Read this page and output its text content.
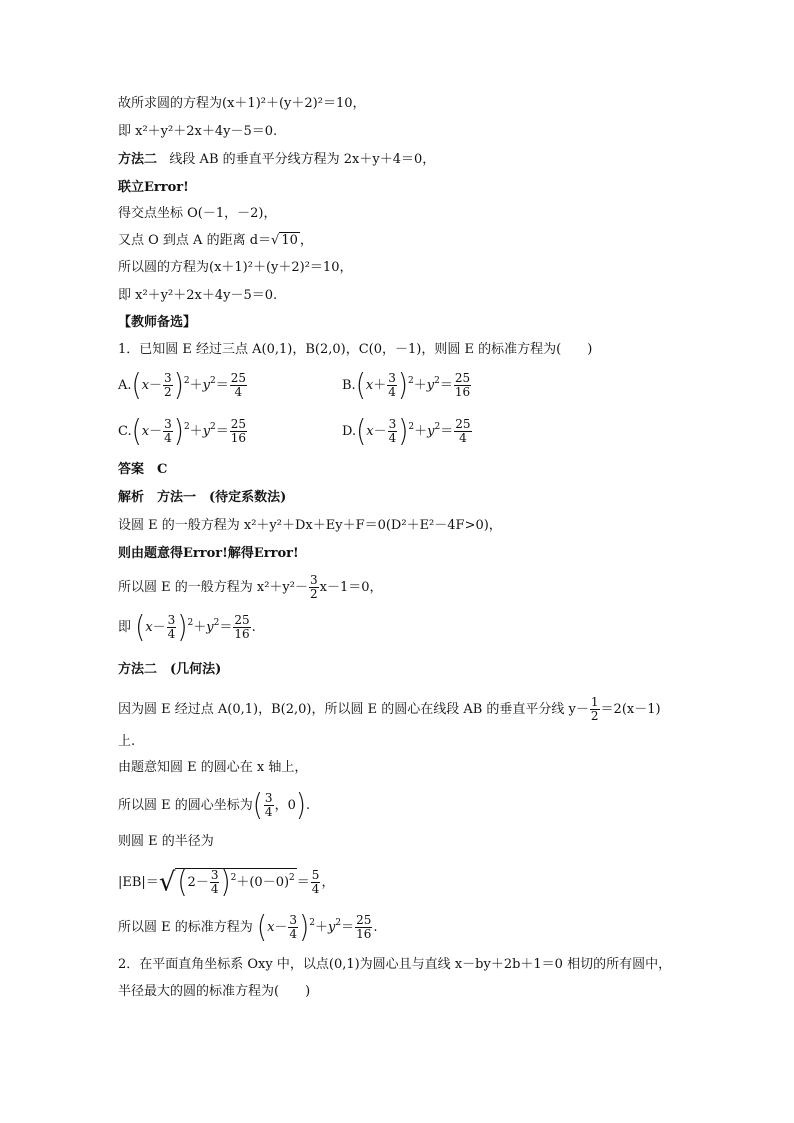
故所求圆的方程为(x＋1)²＋(y＋2)²＝10，
即 x²＋y²＋2x＋4y－5＝0.
方法二 线段 AB 的垂直平分线方程为 2x＋y＋4＝0，
联立Error!
得交点坐标 O(－1，－2)，
又点 O 到点 A 的距离 d＝√ 10 ，
所以圆的方程为(x＋1)²＋(y＋2)²＝10，
即 x²＋y²＋2x＋4y－5＝0.
【教师备选】
1．已知圆 E 经过三点 A(0,1)，B(2,0)，C(0，－1)，则圆 E 的标准方程为(　　)
$A.(x- \frac{3}{2} )^2+y^2= \frac{25}{4}$	$B.(x+ \frac{3}{4} )^2+y^2= \frac{25}{16}$
$C.(x- \frac{3}{4} )^2+y^2= \frac{25}{16}$	$D.(x- \frac{3}{4} )^2+y^2= \frac{25}{4}$
答案　C
解析　方法一　(待定系数法)
设圆 E 的一般方程为 x²＋y²＋Dx＋Ey＋F＝0(D²＋E²－4F>0)，
则由题意得Error!解得Error!
所以圆 E 的一般方程为 $x^2+y^2- \frac{3}{2} x-1=0$，
即 $(x- \frac{3}{4} )^2+y^2= \frac{25}{16}$ .
方法二　(几何法)
因为圆 E 经过点 A(0,1)，B(2,0)，所以圆 E 的圆心在线段 AB 的垂直平分线 $y- \frac{1}{2} =2(x-1)$
上.
由题意知圆 E 的圆心在 x 轴上，
所以圆 E 的圆心坐标为( $\frac{3}{4}$ ，0).
则圆 E 的半径为
$|EB|=√(2- \frac{3}{4} )^2+(0-0)^2 = \frac{5}{4}$ ，
所以圆 E 的标准方程为 $(x- \frac{3}{4} )^2+y^2= \frac{25}{16}$ .
2．在平面直角坐标系 Oxy 中，以点(0,1)为圆心且与直线 x－by＋2b＋1＝0 相切的所有圆中，
半径最大的圆的标准方程为(　　)
